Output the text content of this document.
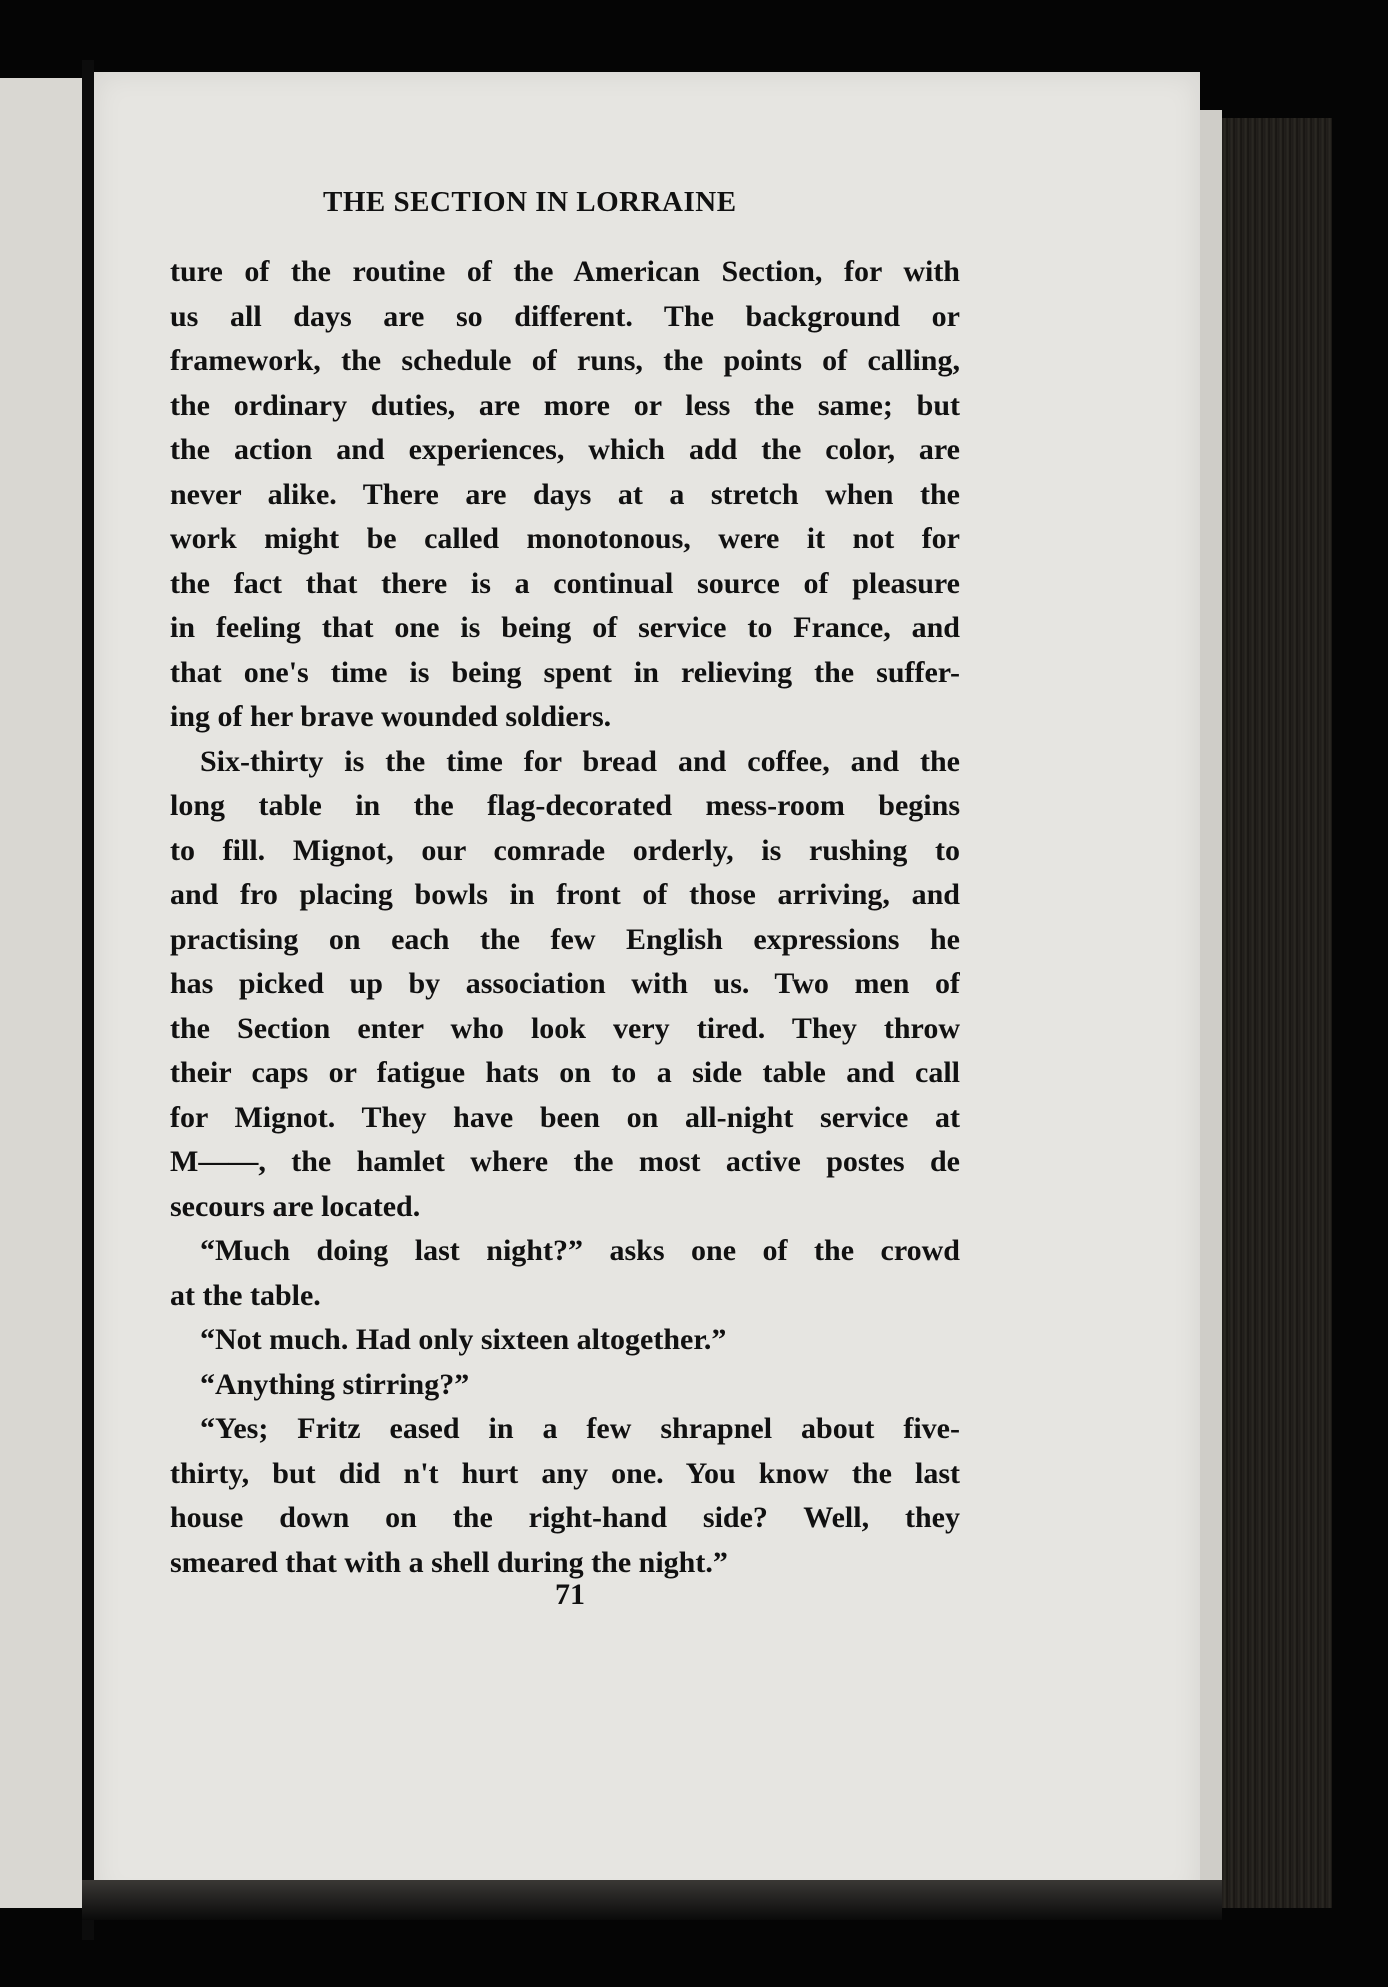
THE SECTION IN LORRAINE
ture of the routine of the American Section, for with
us all days are so different. The background or
framework, the schedule of runs, the points of calling,
the ordinary duties, are more or less the same; but
the action and experiences, which add the color, are
never alike. There are days at a stretch when the
work might be called monotonous, were it not for
the fact that there is a continual source of pleasure
in feeling that one is being of service to France, and
that one's time is being spent in relieving the suffer-
ing of her brave wounded soldiers.
Six-thirty is the time for bread and coffee, and the
long table in the flag-decorated mess-room begins
to fill. Mignot, our comrade orderly, is rushing to
and fro placing bowls in front of those arriving, and
practising on each the few English expressions he
has picked up by association with us. Two men of
the Section enter who look very tired. They throw
their caps or fatigue hats on to a side table and call
for Mignot. They have been on all-night service at
M——, the hamlet where the most active postes de
secours are located.
“Much doing last night?” asks one of the crowd
at the table.
“Not much. Had only sixteen altogether.”
“Anything stirring?”
“Yes; Fritz eased in a few shrapnel about five-
thirty, but did n't hurt any one. You know the last
house down on the right-hand side? Well, they
smeared that with a shell during the night.”
71
